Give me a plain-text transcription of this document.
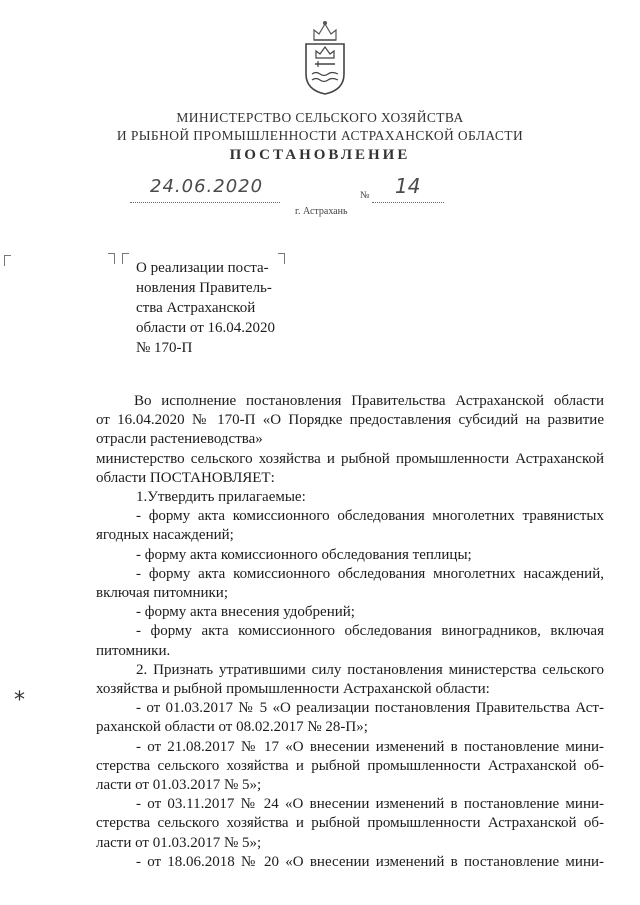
МИНИСТЕРСТВО СЕЛЬСКОГО ХОЗЯЙСТВА
И РЫБНОЙ ПРОМЫШЛЕННОСТИ АСТРАХАНСКОЙ ОБЛАСТИ
ПОСТАНОВЛЕНИЕ
24.06.2020	№ 14
г. Астрахань
О реализации поста-
новления Правитель-
ства Астраханской
области от 16.04.2020
№ 170-П
Во исполнение постановления Правительства Астраханской области
от 16.04.2020 № 170-П «О Порядке предоставления субсидий на развитие
отрасли растениеводства»
министерство сельского хозяйства и рыбной промышленности Астраханской
области ПОСТАНОВЛЯЕТ:
1.Утвердить прилагаемые:
- форму акта комиссионного обследования многолетних травянистых
ягодных насаждений;
- форму акта комиссионного обследования теплицы;
- форму акта комиссионного обследования многолетних насаждений,
включая питомники;
- форму акта внесения удобрений;
- форму акта комиссионного обследования виноградников, включая
питомники.
2. Признать утратившими силу постановления министерства сельского
хозяйства и рыбной промышленности Астраханской области:
- от 01.03.2017 № 5 «О реализации постановления Правительства Аст-
раханской области от 08.02.2017 № 28-П»;
- от 21.08.2017 № 17 «О внесении изменений в постановление мини-
стерства сельского хозяйства и рыбной промышленности Астраханской об-
ласти от 01.03.2017 № 5»;
- от 03.11.2017 № 24 «О внесении изменений в постановление мини-
стерства сельского хозяйства и рыбной промышленности Астраханской об-
ласти от 01.03.2017 № 5»;
- от 18.06.2018 № 20 «О внесении изменений в постановление мини-
*
